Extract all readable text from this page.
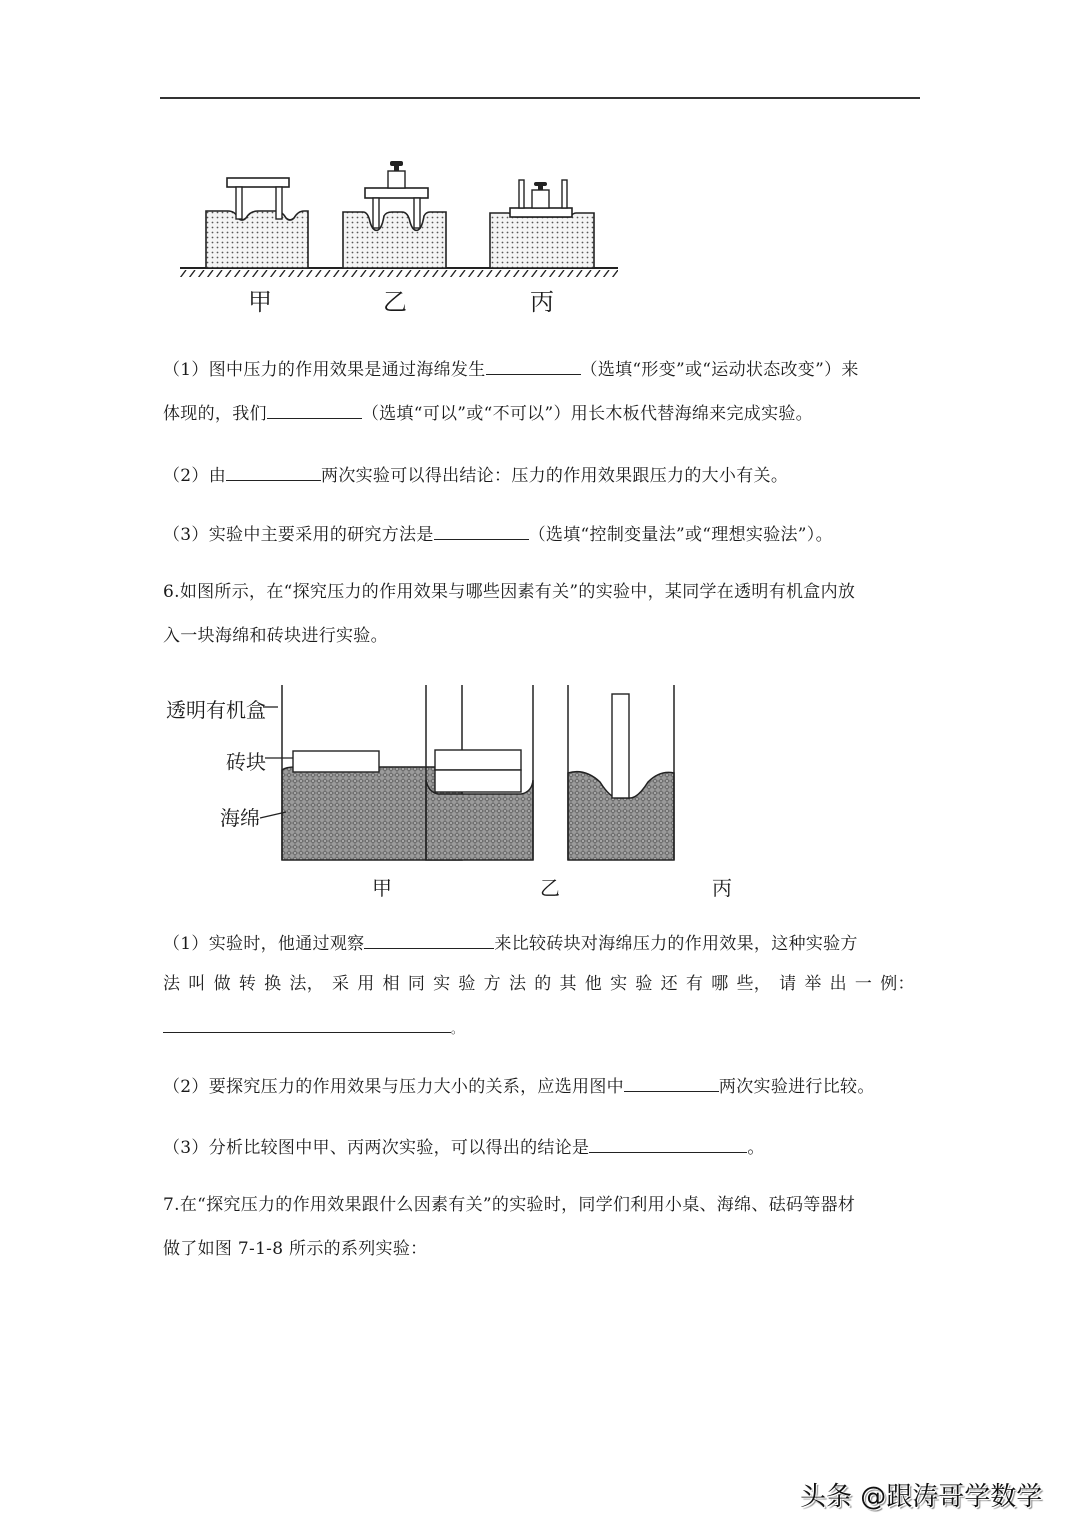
甲	乙	丙
（1）图中压力的作用效果是通过海绵发生	（选填“形变”或“运动状态改变”）来
体现的，我们	（选填“可以”或“不可以”）用长木板代替海绵来完成实验。
（2）由	两次实验可以得出结论：压力的作用效果跟压力的大小有关。
（3）实验中主要采用的研究方法是	（选填“控制变量法”或“理想实验法”）。
6.如图所示，在“探究压力的作用效果与哪些因素有关”的实验中，某同学在透明有机盒内放
入一块海绵和砖块进行实验。
透明有机盒
砖块
海绵
甲	乙	丙
（1）实验时，他通过观察	来比较砖块对海绵压力的作用效果，这种实验方
法 叫 做 转 换 法， 采 用 相 同 实 验 方 法 的 其 他 实 验 还 有 哪 些， 请 举 出 一 例：
。
（2）要探究压力的作用效果与压力大小的关系，应选用图中	两次实验进行比较。
（3）分析比较图中甲、丙两次实验，可以得出的结论是	。
7.在“探究压力的作用效果跟什么因素有关”的实验时，同学们利用小桌、海绵、砝码等器材
做了如图 7-1-8 所示的系列实验：
头条 @跟涛哥学数学
